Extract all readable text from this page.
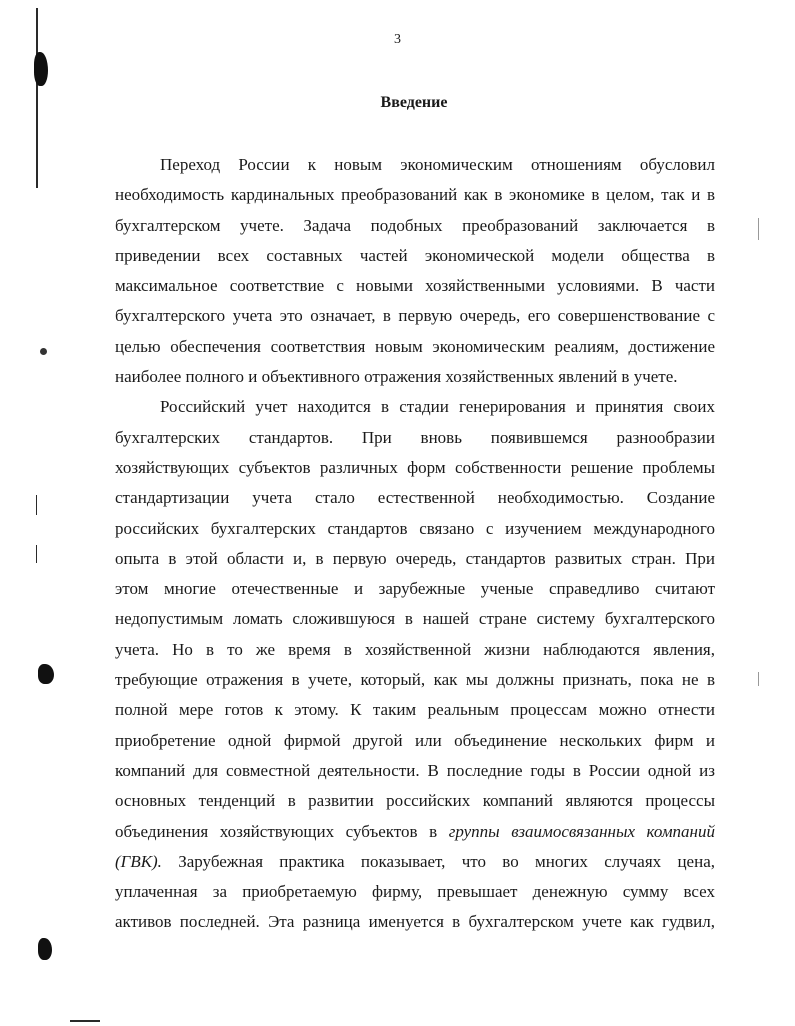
3
Введение
Переход России к новым экономическим отношениям обусловил
необходимость кардинальных преобразований как в экономике в целом, так и в
бухгалтерском учете. Задача подобных преобразований заключается в
приведении всех составных частей экономической модели общества в
максимальное соответствие с новыми хозяйственными условиями. В части
бухгалтерского учета это означает, в первую очередь, его совершенствование с
целью обеспечения соответствия новым экономическим реалиям, достижение
наиболее полного и объективного отражения хозяйственных явлений в учете.
Российский учет находится в стадии генерирования и принятия своих
бухгалтерских стандартов. При вновь появившемся разнообразии
хозяйствующих субъектов различных форм собственности решение проблемы
стандартизации учета стало естественной необходимостью. Создание
российских бухгалтерских стандартов связано с изучением международного
опыта в этой области и, в первую очередь, стандартов развитых стран. При
этом многие отечественные и зарубежные ученые справедливо считают
недопустимым ломать сложившуюся в нашей стране систему бухгалтерского
учета. Но в то же время в хозяйственной жизни наблюдаются явления,
требующие отражения в учете, который, как мы должны признать, пока не в
полной мере готов к этому. К таким реальным процессам можно отнести
приобретение одной фирмой другой или объединение нескольких фирм и
компаний для совместной деятельности. В последние годы в России одной из
основных тенденций в развитии российских компаний являются процессы
объединения хозяйствующих субъектов в группы взаимосвязанных компаний
(ГВК). Зарубежная практика показывает, что во многих случаях цена,
уплаченная за приобретаемую фирму, превышает денежную сумму всех
активов последней. Эта разница именуется в бухгалтерском учете как гудвил,
